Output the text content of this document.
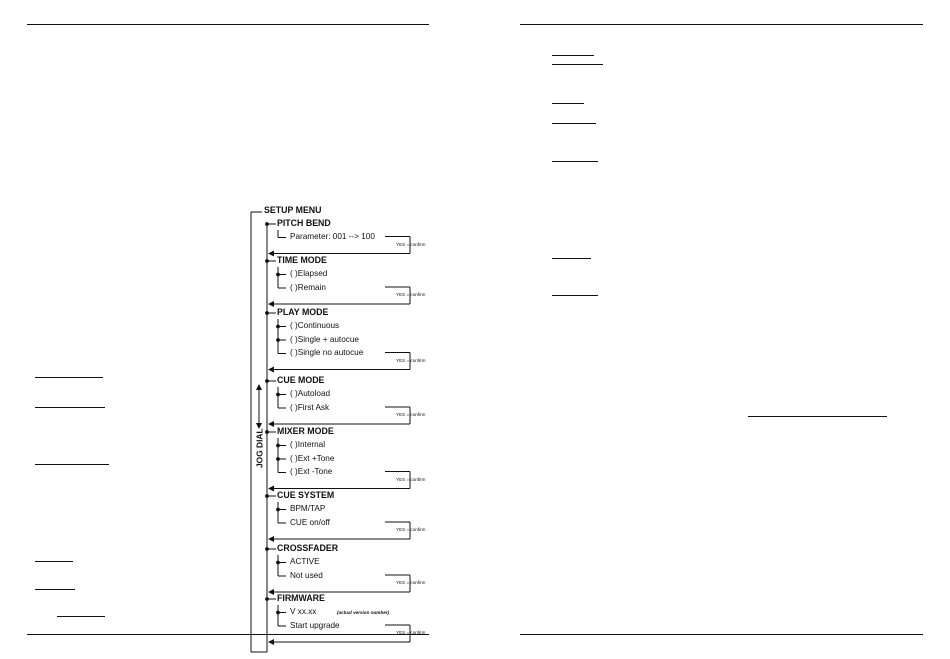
SETUP MENU
JOG DIAL
PITCH BEND
Parameter: 001 --> 100
YES = confirm
TIME MODE
( )Elapsed
( )Remain
YES = confirm
PLAY MODE
( )Continuous
( )Single + autocue
( )Single no autocue
YES = confirm
CUE MODE
( )Autoload
( )First Ask
YES = confirm
MIXER MODE
( )Internal
( )Ext +Tone
( )Ext -Tone
YES = confirm
CUE SYSTEM
BPM/TAP
CUE on/off
YES = confirm
CROSSFADER
ACTIVE
Not used
YES = confirm
FIRMWARE
V xx.xx
Start upgrade
(actual version number)
YES = confirm
